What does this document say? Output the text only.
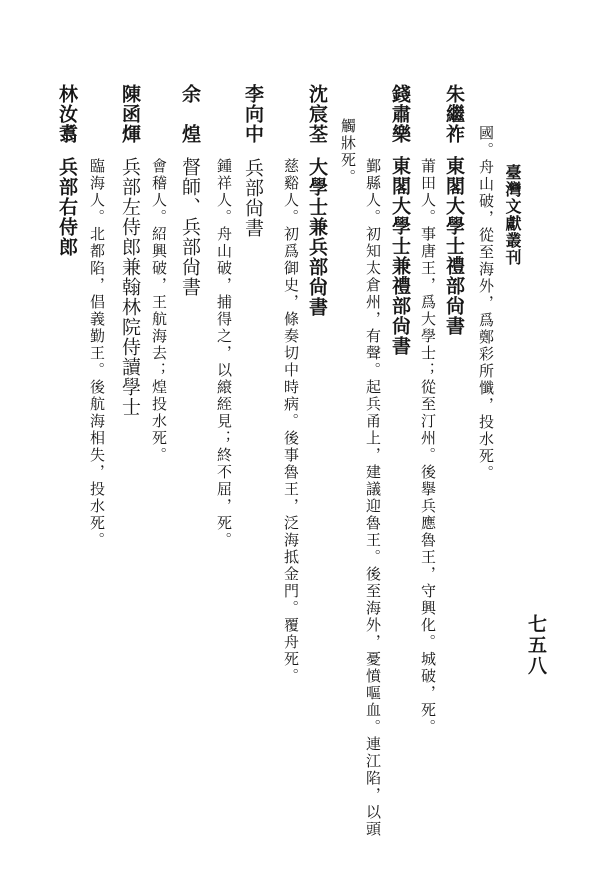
臺灣文獻叢刊
七五八
國。舟山破，從至海外，爲鄭彩所懺，投水死。
朱繼祚
東閣大學士禮部尙書
莆田人。事唐王，爲大學士；從至汀州。後擧兵應魯王，守興化。城破，死。
錢肅樂
東閣大學士兼禮部尙書
鄞縣人。初知太倉州，有聲。起兵甬上，建議迎魯王。後至海外，憂憤嘔血。連江陷，以頭
觸牀死。
沈宸荃
大學士兼兵部尙書
慈谿人。初爲御史，條奏切中時病。後事魯王，泛海抵金門。覆舟死。
李向中
兵部尙書
鍾祥人。舟山破，捕得之，以縗絰見；終不屈，死。
余　煌
督師、兵部尙書
會稽人。紹興破，王航海去；煌投水死。
陳函煇
兵部左侍郎兼翰林院侍讀學士
臨海人。北都陷，倡義勤王。後航海相失，投水死。
林汝翥
兵部右侍郎
